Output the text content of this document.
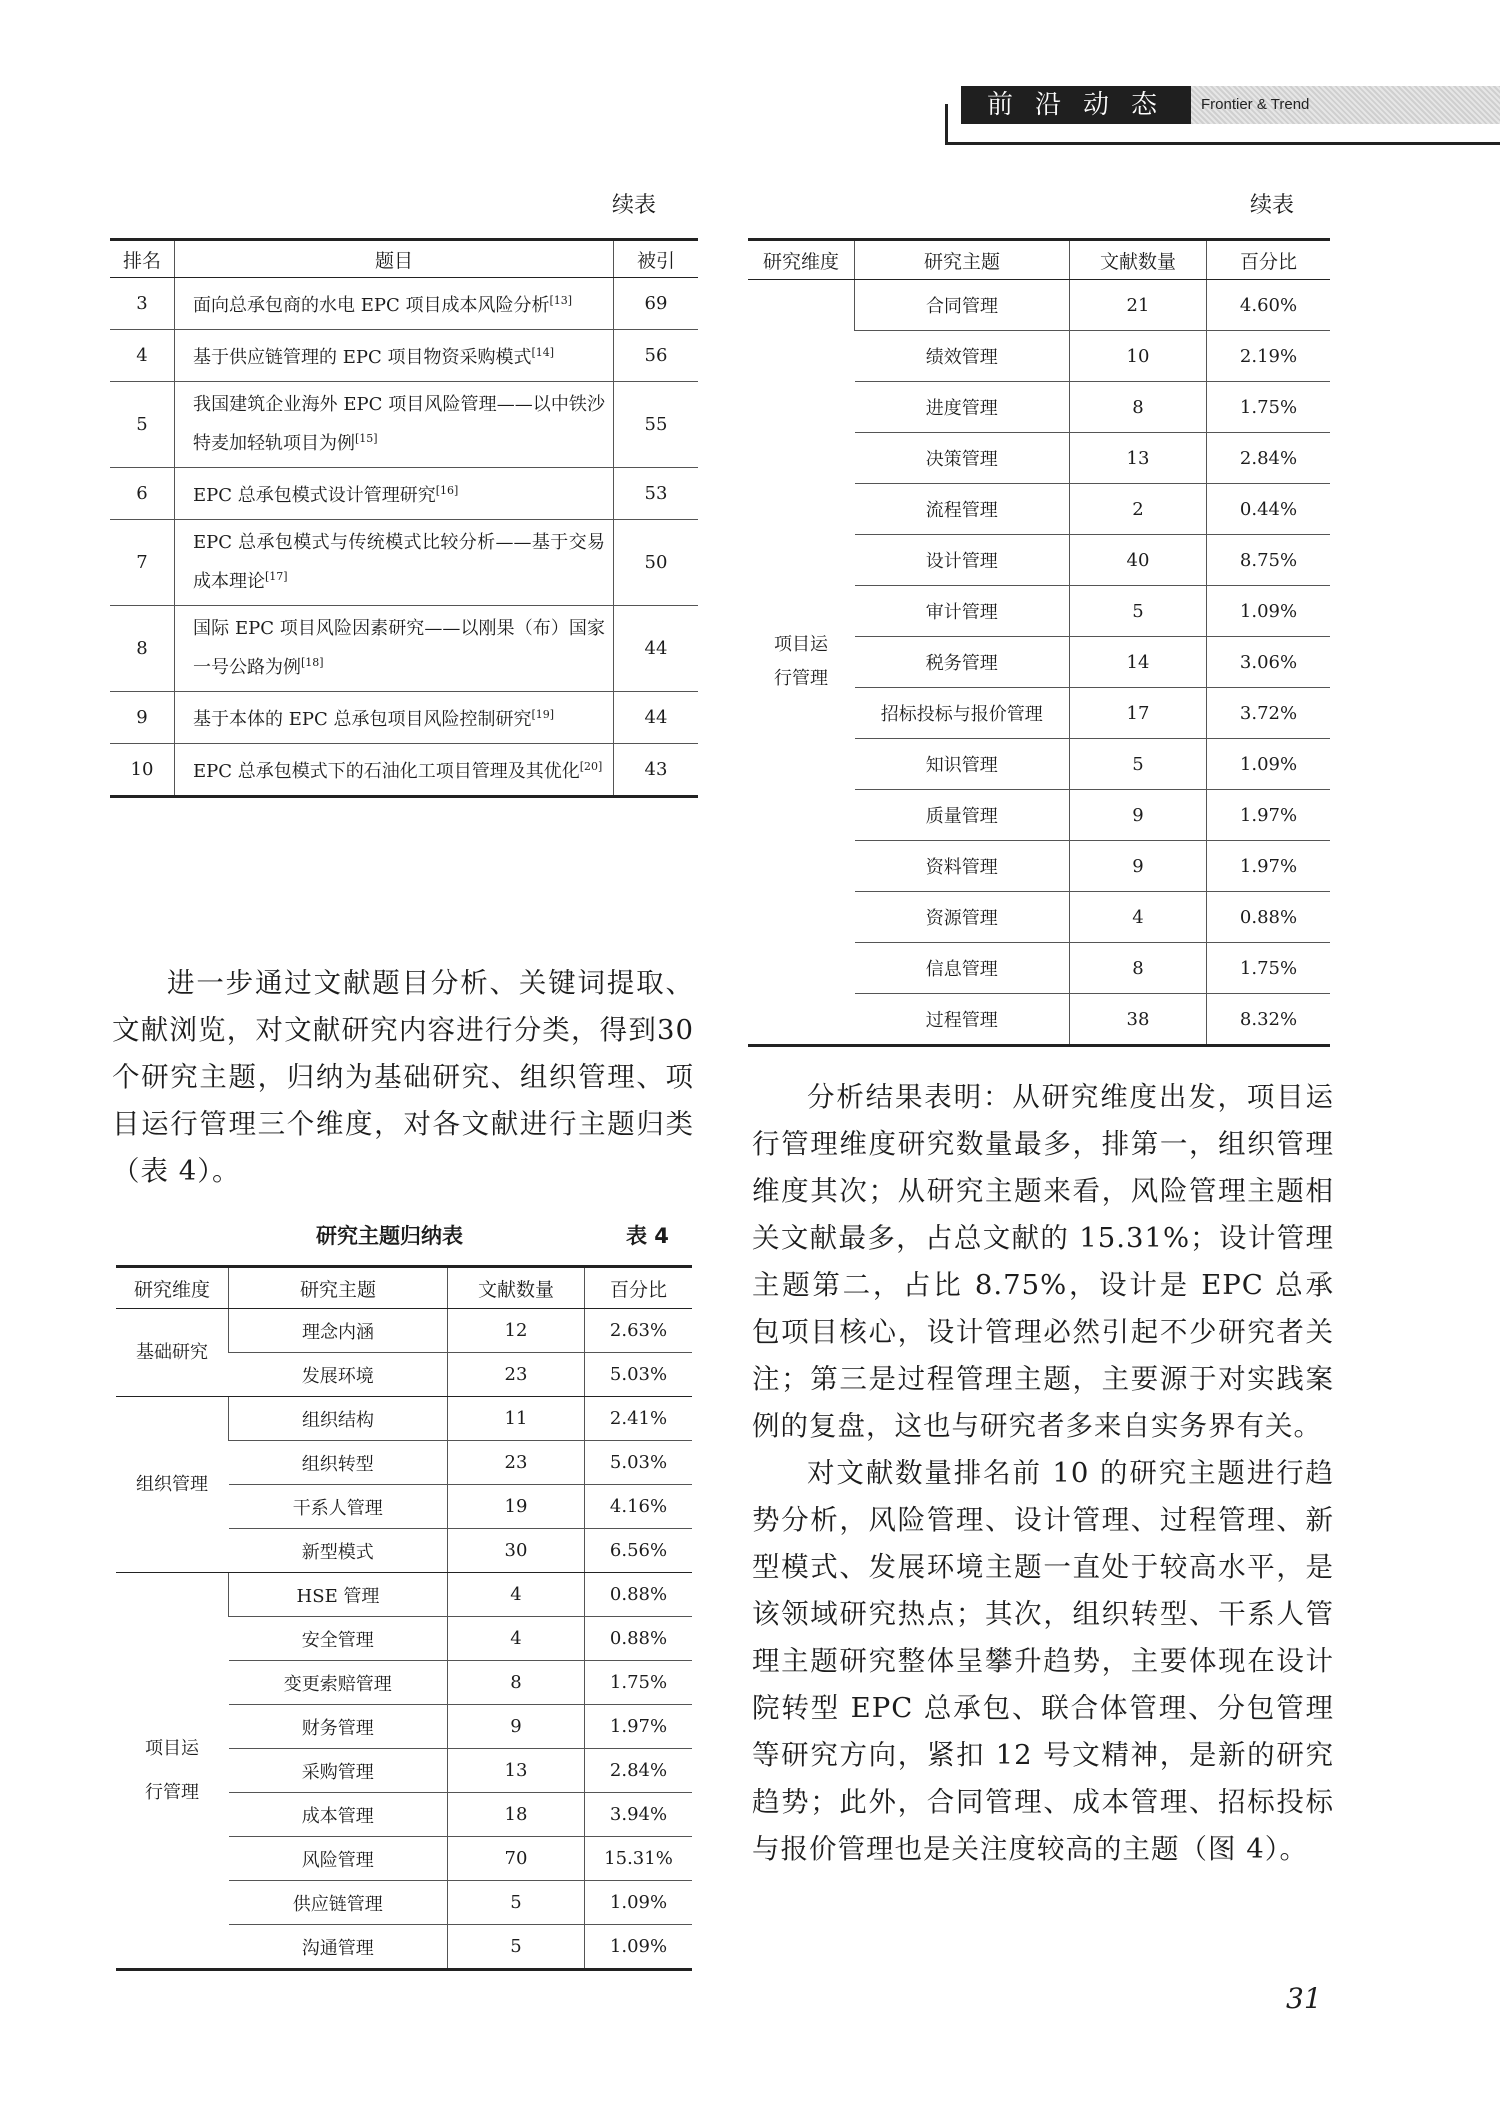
前沿动态	Frontier & Trend
续表
排名	题目	被引
3	面向总承包商的水电 EPC 项目成本风险分析[13]	69
4	基于供应链管理的 EPC 项目物资采购模式[14]	56
5	我国建筑企业海外 EPC 项目风险管理——以中铁沙特麦加轻轨项目为例[15]	55
6	EPC 总承包模式设计管理研究[16]	53
7	EPC 总承包模式与传统模式比较分析——基于交易成本理论[17]	50
8	国际 EPC 项目风险因素研究——以刚果（布）国家一号公路为例[18]	44
9	基于本体的 EPC 总承包项目风险控制研究[19]	44
10	EPC 总承包模式下的石油化工项目管理及其优化[20]	43

进一步通过文献题目分析、关键词提取、文献浏览，对文献研究内容进行分类，得到30个研究主题，归纳为基础研究、组织管理、项目运行管理三个维度，对各文献进行主题归类（表 4）。

研究主题归纳表	表 4
研究维度	研究主题	文献数量	百分比
基础研究	理念内涵	12	2.63%
	发展环境	23	5.03%
组织管理	组织结构	11	2.41%
	组织转型	23	5.03%
	干系人管理	19	4.16%
	新型模式	30	6.56%
项目运
行管理	HSE 管理	4	0.88%
	安全管理	4	0.88%
	变更索赔管理	8	1.75%
	财务管理	9	1.97%
	采购管理	13	2.84%
	成本管理	18	3.94%
	风险管理	70	15.31%
	供应链管理	5	1.09%
	沟通管理	5	1.09%
续表
研究维度	研究主题	文献数量	百分比
项目运
行管理	合同管理	21	4.60%
	绩效管理	10	2.19%
	进度管理	8	1.75%
	决策管理	13	2.84%
	流程管理	2	0.44%
	设计管理	40	8.75%
	审计管理	5	1.09%
	税务管理	14	3.06%
	招标投标与报价管理	17	3.72%
	知识管理	5	1.09%
	质量管理	9	1.97%
	资料管理	9	1.97%
	资源管理	4	0.88%
	信息管理	8	1.75%
	过程管理	38	8.32%

分析结果表明：从研究维度出发，项目运行管理维度研究数量最多，排第一，组织管理维度其次；从研究主题来看，风险管理主题相关文献最多，占总文献的 15.31%；设计管理主题第二，占比 8.75%，设计是 EPC 总承包项目核心，设计管理必然引起不少研究者关注；第三是过程管理主题，主要源于对实践案例的复盘，这也与研究者多来自实务界有关。

对文献数量排名前 10 的研究主题进行趋势分析，风险管理、设计管理、过程管理、新型模式、发展环境主题一直处于较高水平，是该领域研究热点；其次，组织转型、干系人管理主题研究整体呈攀升趋势，主要体现在设计院转型 EPC 总承包、联合体管理、分包管理等研究方向，紧扣 12 号文精神，是新的研究趋势；此外，合同管理、成本管理、招标投标与报价管理也是关注度较高的主题（图 4）。

31
